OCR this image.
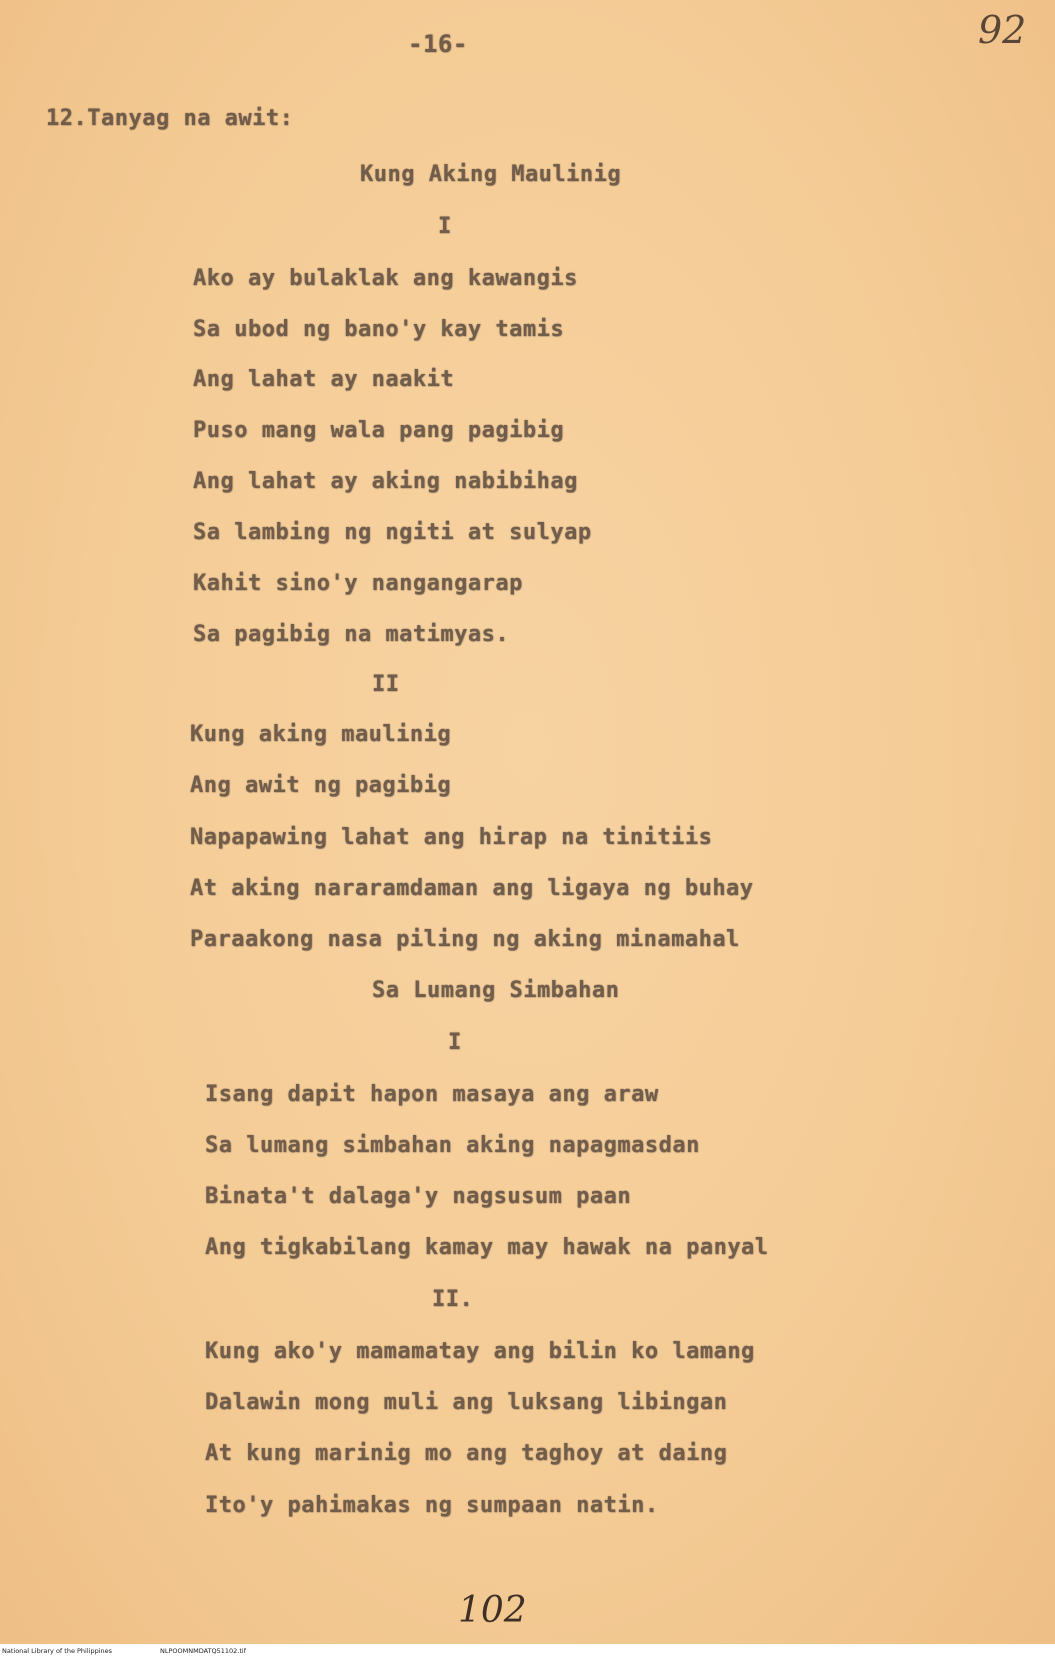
-16-	92
12.Tanyag na awit:
Kung Aking Maulinig
I
Ako ay bulaklak ang kawangis
Sa ubod ng bano'y kay tamis
Ang lahat ay naakit
Puso mang wala pang pagibig
Ang lahat ay aking nabibihag
Sa lambing ng ngiti at sulyap
Kahit sino'y nangangarap
Sa pagibig na matimyas.
II
Kung aking maulinig
Ang awit ng pagibig
Napapawing lahat ang hirap na tinitiis
At aking nararamdaman ang ligaya ng buhay
Paraakong nasa piling ng aking minamahal
Sa Lumang Simbahan
I
Isang dapit hapon masaya ang araw
Sa lumang simbahan aking napagmasdan
Binata't dalaga'y nagsusum paan
Ang tigkabilang kamay may hawak na panyal
II.
Kung ako'y mamamatay ang bilin ko lamang
Dalawin mong muli ang luksang libingan
At kung marinig mo ang taghoy at daing
Ito'y pahimakas ng sumpaan natin.
102
National Library of the Philippines	NLPOOMNMDATQ51102.tif
